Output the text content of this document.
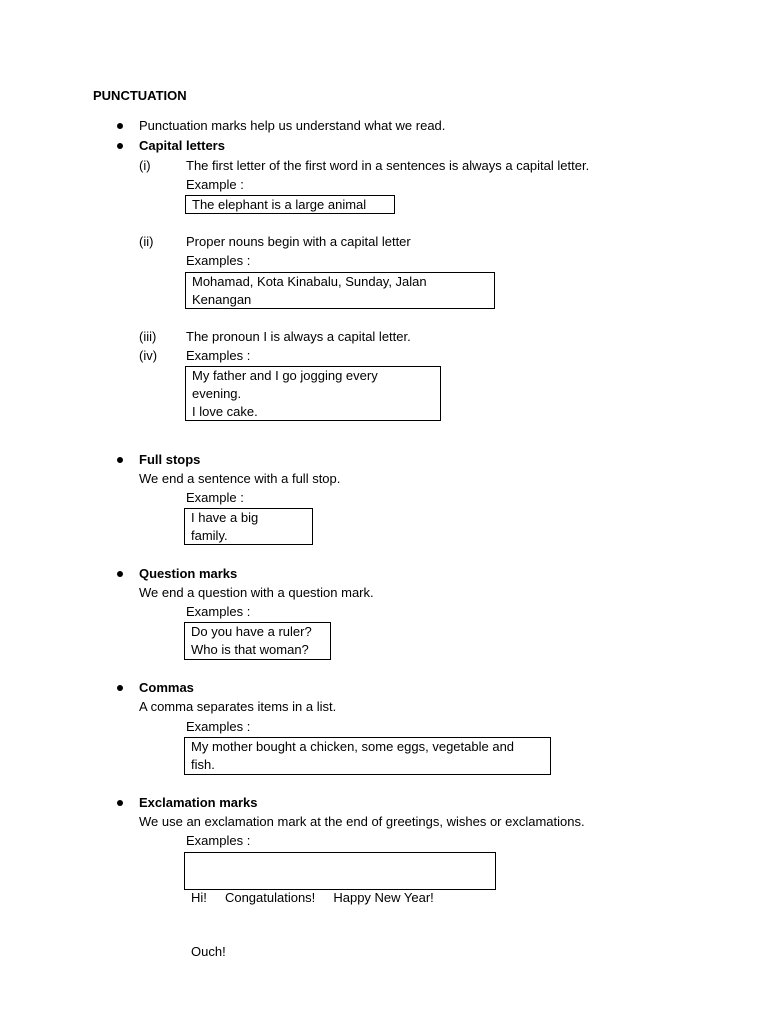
PUNCTUATION
Punctuation marks help us understand what we read.
Capital letters
(i)	The first letter of the first word in a sentences is always a capital letter.
Example :
The elephant is a large animal
(ii)	Proper nouns begin with a capital letter
Examples :
Mohamad, Kota Kinabalu, Sunday, Jalan
Kenangan
(iii) The pronoun I is always a capital letter.
(iv) Examples :
My father and I go jogging every
evening.
I love cake.
Full stops
We end a sentence with a full stop.
Example :
I have a big
family.
Question marks
We end a question with a question mark.
Examples :
Do you have a ruler?
Who is that woman?
Commas
A comma separates items in a list.
Examples :
My mother bought a chicken, some eggs, vegetable and
fish.
Exclamation marks
We use an exclamation mark at the end of greetings, wishes or exclamations.
Examples :

Hi!     Congatulations!     Happy New Year!

Ouch!
